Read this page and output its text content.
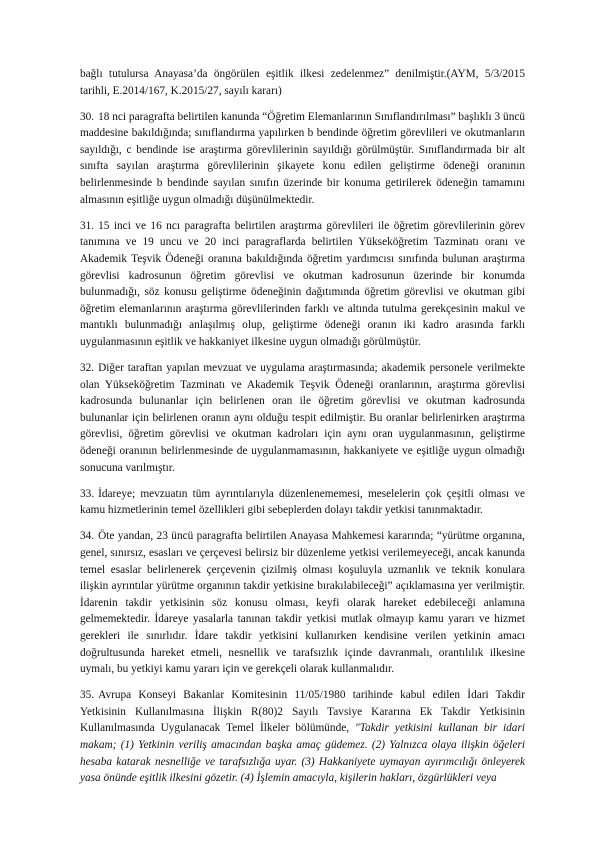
bağlı tutulursa Anayasa’da öngörülen eşitlik ilkesi zedelenmez” denilmiştir.(AYM, 5/3/2015 tarihli, E.2014/167, K.2015/27, sayılı kararı)

30. 18 nci paragrafta belirtilen kanunda “Öğretim Elemanlarının Sınıflandırılması” başlıklı 3 üncü maddesine bakıldığında; sınıflandırma yapılırken b bendinde öğretim görevlileri ve okutmanların sayıldığı, c bendinde ise araştırma görevlilerinin sayıldığı görülmüştür. Sınıflandırmada bir alt sınıfta sayılan araştırma görevlilerinin şikayete konu edilen geliştirme ödeneği oranının belirlenmesinde b bendinde sayılan sınıfın üzerinde bir konuma getirilerek ödeneğin tamamını almasının eşitliğe uygun olmadığı düşünülmektedir.

31. 15 inci ve 16 ncı paragrafta belirtilen araştırma görevlileri ile öğretim görevlilerinin görev tanımına ve 19 uncu ve 20 inci paragraflarda belirtilen Yükseköğretim Tazminatı oranı ve Akademik Teşvik Ödeneği oranına bakıldığında öğretim yardımcısı sınıfında bulunan araştırma görevlisi kadrosunun öğretim görevlisi ve okutman kadrosunun üzerinde bir konumda bulunmadığı, söz konusu geliştirme ödeneğinin dağıtımında öğretim görevlisi ve okutman gibi öğretim elemanlarının araştırma görevlilerinden farklı ve altında tutulma gerekçesinin makul ve mantıklı bulunmadığı anlaşılmış olup, geliştirme ödeneği oranın iki kadro arasında farklı uygulanmasının eşitlik ve hakkaniyet ilkesine uygun olmadığı görülmüştür.

32. Diğer taraftan yapılan mevzuat ve uygulama araştırmasında; akademik personele verilmekte olan Yükseköğretim Tazminatı ve Akademik Teşvik Ödeneği oranlarının, araştırma görevlisi kadrosunda bulunanlar için belirlenen oran ile öğretim görevlisi ve okutman kadrosunda bulunanlar için belirlenen oranın aynı olduğu tespit edilmiştir. Bu oranlar belirlenirken araştırma görevlisi, öğretim görevlisi ve okutman kadroları için aynı oran uygulanmasının, geliştirme ödeneği oranının belirlenmesinde de uygulanmamasının, hakkaniyete ve eşitliğe uygun olmadığı sonucuna varılmıştır.

33. İdareye; mevzuatın tüm ayrıntılarıyla düzenlenememesi, meselelerin çok çeşitli olması ve kamu hizmetlerinin temel özellikleri gibi sebeplerden dolayı takdir yetkisi tanınmaktadır.

34. Öte yandan, 23 üncü paragrafta belirtilen Anayasa Mahkemesi kararında; “yürütme organına, genel, sınırsız, esasları ve çerçevesi belirsiz bir düzenleme yetkisi verilemeyeceği, ancak kanunda temel esaslar belirlenerek çerçevenin çizilmiş olması koşuluyla uzmanlık ve teknik konulara ilişkin ayrıntılar yürütme organının takdir yetkisine bırakılabileceği” açıklamasına yer verilmiştir. İdarenin takdir yetkisinin söz konusu olması, keyfi olarak hareket edebileceği anlamına gelmemektedir. İdareye yasalarla tanınan takdir yetkisi mutlak olmayıp kamu yararı ve hizmet gerekleri ile sınırlıdır. İdare takdir yetkisini kullanırken kendisine verilen yetkinin amacı doğrultusunda hareket etmeli, nesnellik ve tarafsızlık içinde davranmalı, orantılılık ilkesine uymalı, bu yetkiyi kamu yararı için ve gerekçeli olarak kullanmalıdır.

35. Avrupa Konseyi Bakanlar Komitesinin 11/05/1980 tarihinde kabul edilen İdari Takdir Yetkisinin Kullanılmasına İlişkin R(80)2 Sayılı Tavsiye Kararına Ek Takdir Yetkisinin Kullanılmasında Uygulanacak Temel İlkeler bölümünde, "Takdir yetkisini kullanan bir idari makam; (1) Yetkinin veriliş amacından başka amaç güdemez. (2) Yalnızca olaya ilişkin öğeleri hesaba katarak nesnelliğe ve tarafsızlığa uyar. (3) Hakkaniyete uymayan ayırımcılığı önleyerek yasa önünde eşitlik ilkesini gözetir. (4) İşlemin amacıyla, kişilerin hakları, özgürlükleri veya
